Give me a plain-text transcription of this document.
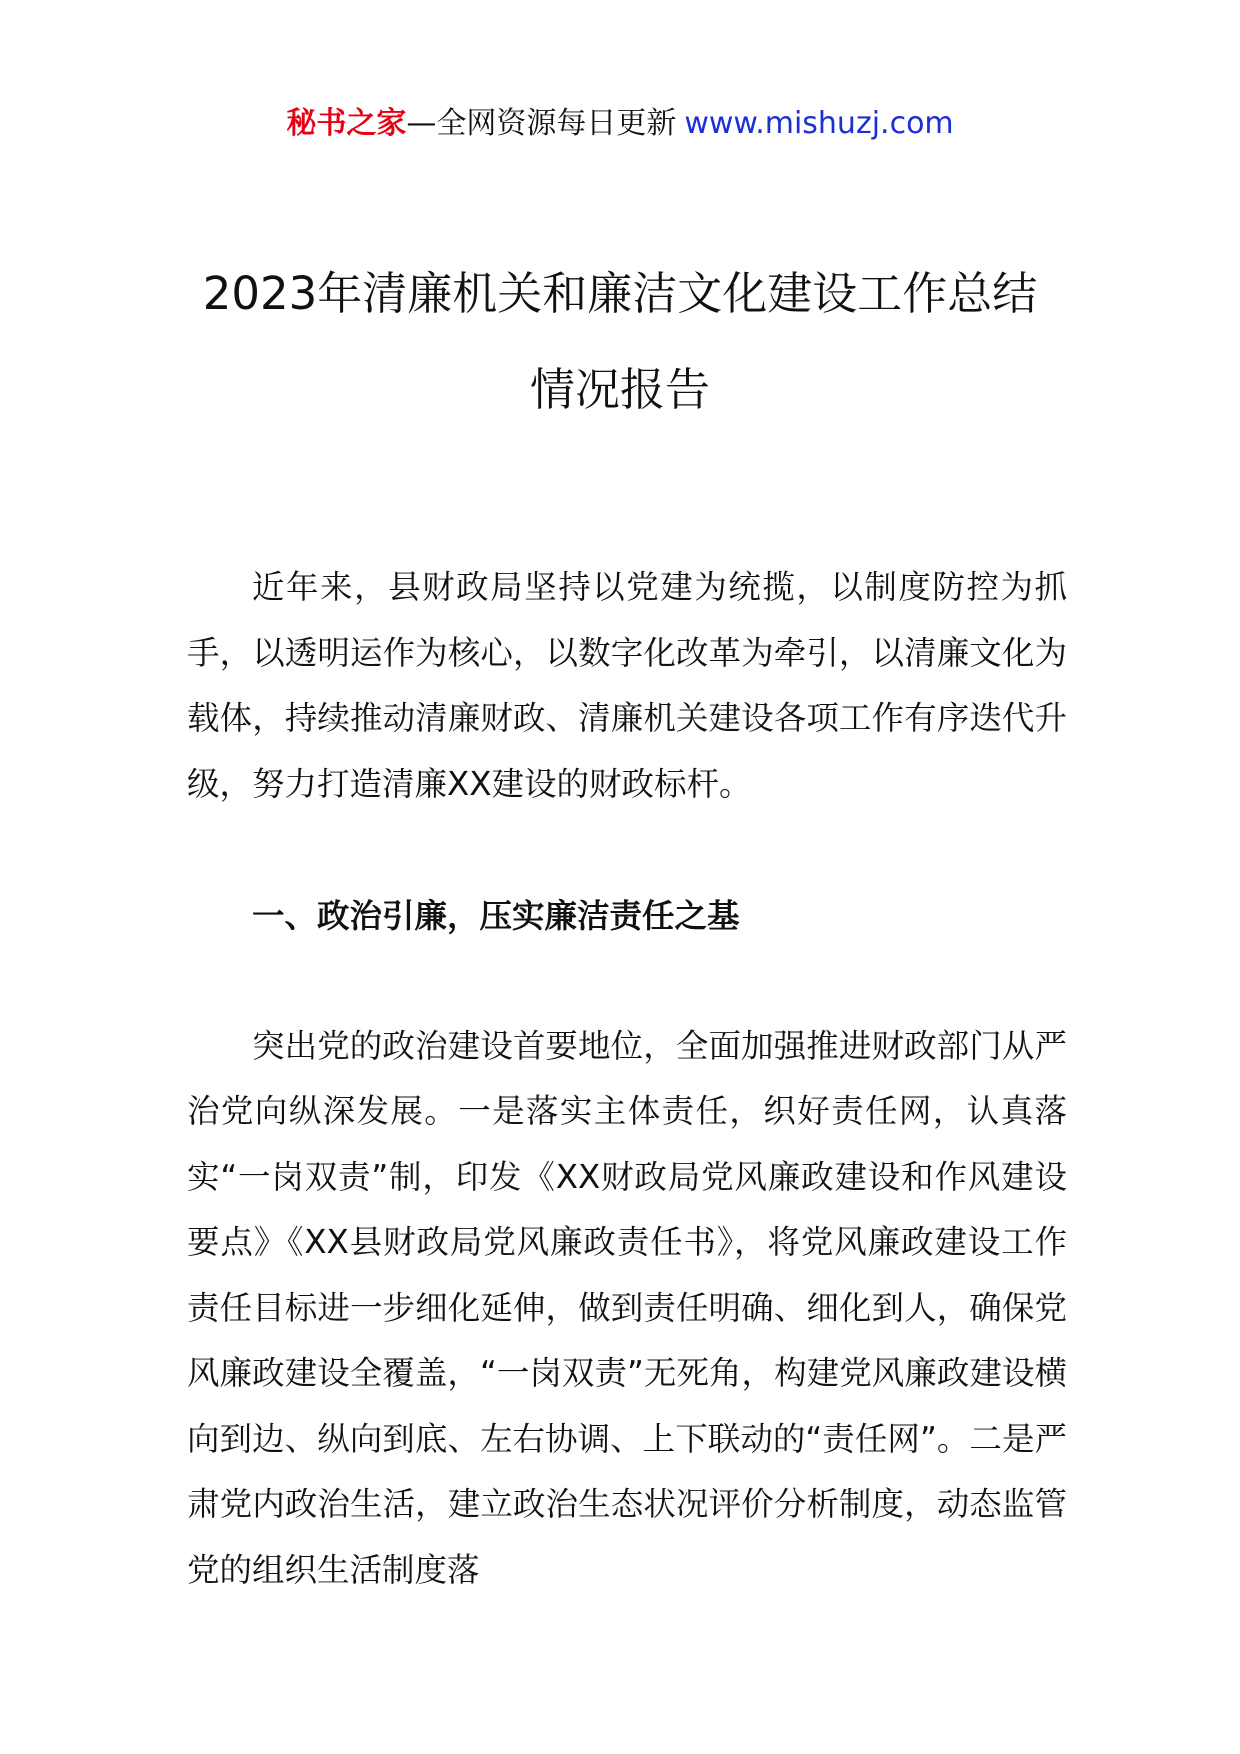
秘书之家—全网资源每日更新 www.mishuzj.com
2023年清廉机关和廉洁文化建设工作总结
情况报告

近年来，县财政局坚持以党建为统揽，以制度防控为抓手，以透明运作为核心，以数字化改革为牵引，以清廉文化为载体，持续推动清廉财政、清廉机关建设各项工作有序迭代升级，努力打造清廉XX建设的财政标杆。

一、政治引廉，压实廉洁责任之基

突出党的政治建设首要地位，全面加强推进财政部门从严治党向纵深发展。一是落实主体责任，织好责任网，认真落实“一岗双责”制，印发《XX财政局党风廉政建设和作风建设要点》《XX县财政局党风廉政责任书》，将党风廉政建设工作责任目标进一步细化延伸，做到责任明确、细化到人，确保党风廉政建设全覆盖，“一岗双责”无死角，构建党风廉政建设横向到边、纵向到底、左右协调、上下联动的“责任网”。二是严肃党内政治生活，建立政治生态状况评价分析制度，动态监管党的组织生活制度落
